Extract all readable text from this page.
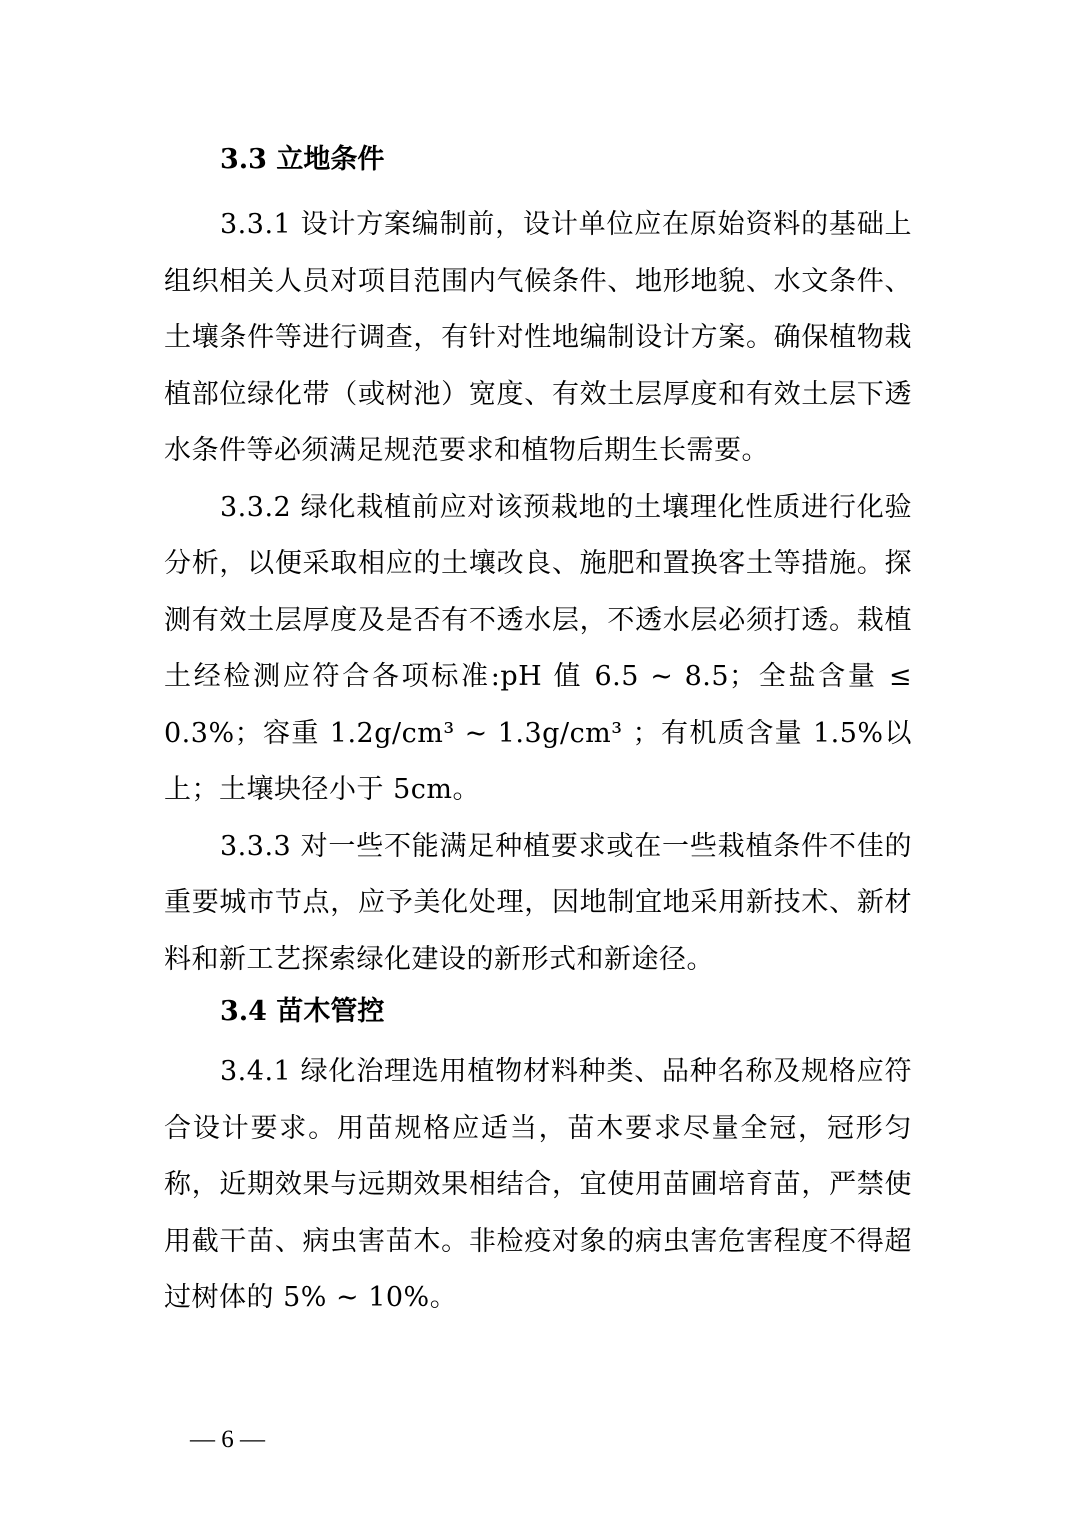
3.3 立地条件

3.3.1 设计方案编制前，设计单位应在原始资料的基础上组织相关人员对项目范围内气候条件、地形地貌、水文条件、土壤条件等进行调查，有针对性地编制设计方案。确保植物栽植部位绿化带（或树池）宽度、有效土层厚度和有效土层下透水条件等必须满足规范要求和植物后期生长需要。

3.3.2 绿化栽植前应对该预栽地的土壤理化性质进行化验分析，以便采取相应的土壤改良、施肥和置换客土等措施。探测有效土层厚度及是否有不透水层，不透水层必须打透。栽植土经检测应符合各项标准:pH 值 6.5 ~ 8.5；全盐含量 ≤ 0.3%；容重 1.2g/cm³ ~ 1.3g/cm³ ；有机质含量 1.5%以上；土壤块径小于 5cm。

3.3.3 对一些不能满足种植要求或在一些栽植条件不佳的重要城市节点，应予美化处理，因地制宜地采用新技术、新材料和新工艺探索绿化建设的新形式和新途径。

3.4 苗木管控

3.4.1 绿化治理选用植物材料种类、品种名称及规格应符合设计要求。用苗规格应适当，苗木要求尽量全冠，冠形匀称，近期效果与远期效果相结合，宜使用苗圃培育苗，严禁使用截干苗、病虫害苗木。非检疫对象的病虫害危害程度不得超过树体的 5% ~ 10%。

— 6 —
